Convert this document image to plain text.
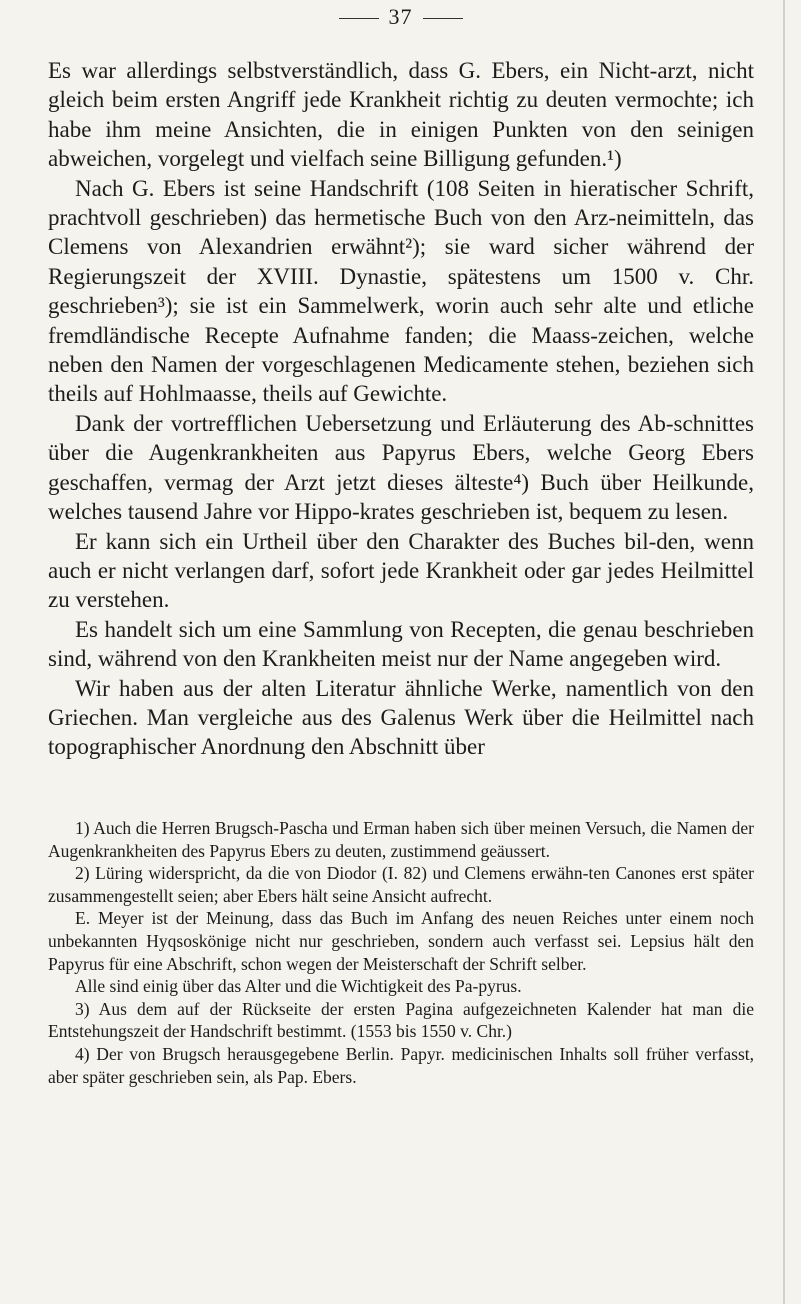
37

Es war allerdings selbstverständlich, dass G. Ebers, ein Nicht-arzt, nicht gleich beim ersten Angriff jede Krankheit richtig zu deuten vermochte; ich habe ihm meine Ansichten, die in einigen Punkten von den seinigen abweichen, vorgelegt und vielfach seine Billigung gefunden.¹)

Nach G. Ebers ist seine Handschrift (108 Seiten in hieratischer Schrift, prachtvoll geschrieben) das hermetische Buch von den Arz-neimitteln, das Clemens von Alexandrien erwähnt²); sie ward sicher während der Regierungszeit der XVIII. Dynastie, spätestens um 1500 v. Chr. geschrieben³); sie ist ein Sammelwerk, worin auch sehr alte und etliche fremdländische Recepte Aufnahme fanden; die Maass-zeichen, welche neben den Namen der vorgeschlagenen Medicamente stehen, beziehen sich theils auf Hohlmaasse, theils auf Gewichte.

Dank der vortrefflichen Uebersetzung und Erläuterung des Ab-schnittes über die Augenkrankheiten aus Papyrus Ebers, welche Georg Ebers geschaffen, vermag der Arzt jetzt dieses älteste⁴) Buch über Heilkunde, welches tausend Jahre vor Hippo-krates geschrieben ist, bequem zu lesen.

Er kann sich ein Urtheil über den Charakter des Buches bil-den, wenn auch er nicht verlangen darf, sofort jede Krankheit oder gar jedes Heilmittel zu verstehen.

Es handelt sich um eine Sammlung von Recepten, die genau beschrieben sind, während von den Krankheiten meist nur der Name angegeben wird.

Wir haben aus der alten Literatur ähnliche Werke, namentlich von den Griechen. Man vergleiche aus des Galenus Werk über die Heilmittel nach topographischer Anordnung den Abschnitt über

1) Auch die Herren Brugsch-Pascha und Erman haben sich über meinen Versuch, die Namen der Augenkrankheiten des Papyrus Ebers zu deuten, zustimmend geäussert.

2) Lüring widerspricht, da die von Diodor (I. 82) und Clemens erwähn-ten Canones erst später zusammengestellt seien; aber Ebers hält seine Ansicht aufrecht.

E. Meyer ist der Meinung, dass das Buch im Anfang des neuen Reiches unter einem noch unbekannten Hyqsoskönige nicht nur geschrieben, sondern auch verfasst sei. Lepsius hält den Papyrus für eine Abschrift, schon wegen der Meisterschaft der Schrift selber.

Alle sind einig über das Alter und die Wichtigkeit des Pa-pyrus.

3) Aus dem auf der Rückseite der ersten Pagina aufgezeichneten Kalender hat man die Entstehungszeit der Handschrift bestimmt. (1553 bis 1550 v. Chr.)

4) Der von Brugsch herausgegebene Berlin. Papyr. medicinischen Inhalts soll früher verfasst, aber später geschrieben sein, als Pap. Ebers.
